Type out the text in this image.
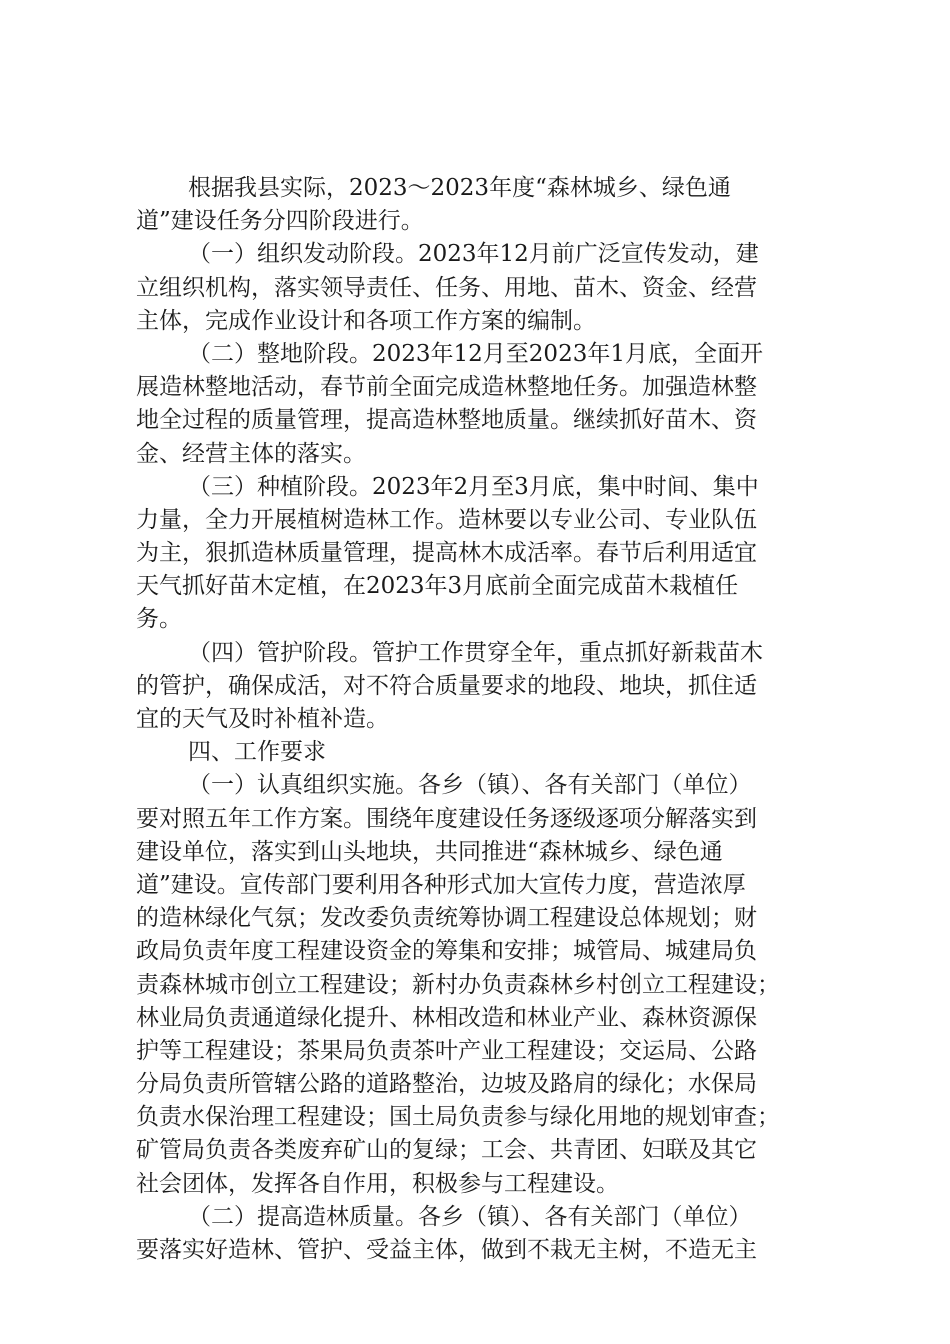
根据我县实际，2023～2023年度“森林城乡、绿色通
道”建设任务分四阶段进行。
（一）组织发动阶段。2023年12月前广泛宣传发动，建
立组织机构，落实领导责任、任务、用地、苗木、资金、经营
主体，完成作业设计和各项工作方案的编制。
（二）整地阶段。2023年12月至2023年1月底，全面开
展造林整地活动，春节前全面完成造林整地任务。加强造林整
地全过程的质量管理，提高造林整地质量。继续抓好苗木、资
金、经营主体的落实。
（三）种植阶段。2023年2月至3月底，集中时间、集中
力量，全力开展植树造林工作。造林要以专业公司、专业队伍
为主，狠抓造林质量管理，提高林木成活率。春节后利用适宜
天气抓好苗木定植，在2023年3月底前全面完成苗木栽植任
务。
（四）管护阶段。管护工作贯穿全年，重点抓好新栽苗木
的管护，确保成活，对不符合质量要求的地段、地块，抓住适
宜的天气及时补植补造。
四、工作要求
（一）认真组织实施。各乡（镇）、各有关部门（单位）
要对照五年工作方案。围绕年度建设任务逐级逐项分解落实到
建设单位，落实到山头地块，共同推进“森林城乡、绿色通
道”建设。宣传部门要利用各种形式加大宣传力度，营造浓厚
的造林绿化气氛；发改委负责统筹协调工程建设总体规划；财
政局负责年度工程建设资金的筹集和安排；城管局、城建局负
责森林城市创立工程建设；新村办负责森林乡村创立工程建设；
林业局负责通道绿化提升、林相改造和林业产业、森林资源保
护等工程建设；茶果局负责茶叶产业工程建设；交运局、公路
分局负责所管辖公路的道路整治，边坡及路肩的绿化；水保局
负责水保治理工程建设；国土局负责参与绿化用地的规划审查；
矿管局负责各类废弃矿山的复绿；工会、共青团、妇联及其它
社会团体，发挥各自作用，积极参与工程建设。
（二）提高造林质量。各乡（镇）、各有关部门（单位）
要落实好造林、管护、受益主体，做到不栽无主树，不造无主
